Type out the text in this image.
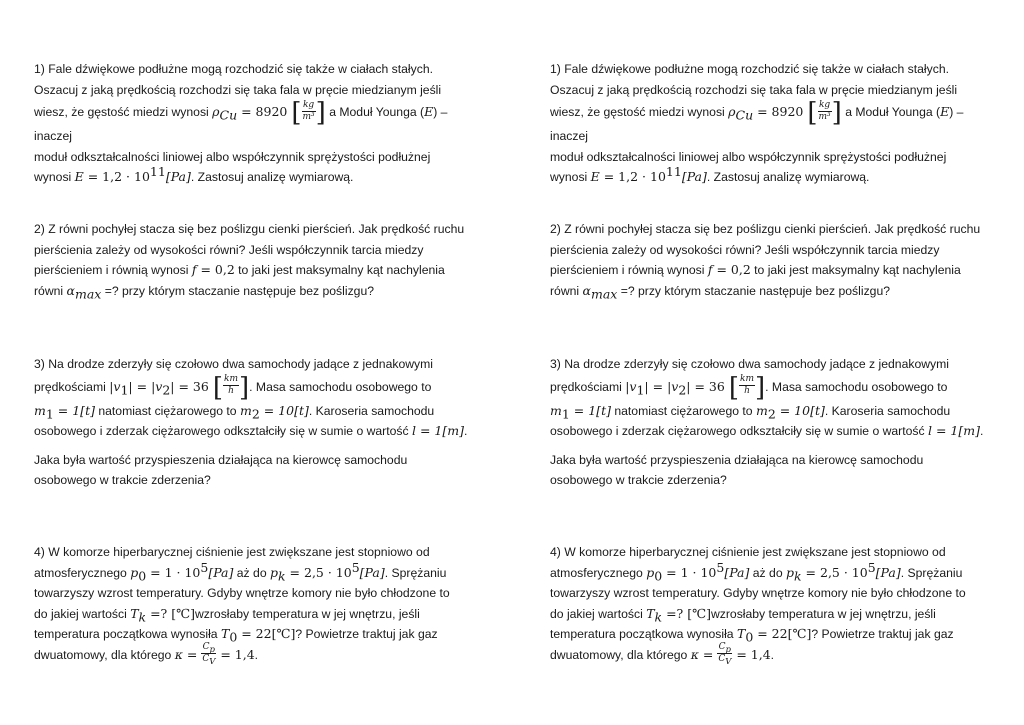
1) Fale dźwiękowe podłużne mogą rozchodzić się także w ciałach stałych.
Oszacuj z jaką prędkością rozchodzi się taka fala w pręcie miedzianym jeśli
wiesz, że gęstość miedzi wynosi $\rho_{Cu} = 8920$ [ $\frac{kg}{\text{m³}}$ ] a Moduł Younga (E) – inaczej
moduł odkształcalności liniowej albo współczynnik sprężystości podłużnej
wynosi $E = 1,2 \cdot 10^{11}[Pa]$. Zastosuj analizę wymiarową.
2) Z równi pochyłej stacza się bez poślizgu cienki pierścień. Jak prędkość ruchu
pierścienia zależy od wysokości równi? Jeśli współczynnik tarcia miedzy
pierścieniem i równią wynosi f = 0,2 to jaki jest maksymalny kąt nachylenia
równi $\alpha_{max}$ =? przy którym staczanie następuje bez poślizgu?
3) Na drodze zderzyły się czołowo dwa samochody jadące z jednakowymi
prędkościami $|v_1| = |v_2| = 36$ [ $\frac{km}{h}$ ]. Masa samochodu osobowego to
$m_1 = 1[t]$ natomiast ciężarowego to $m_2 = 10[t]$. Karoseria samochodu
osobowego i zderzak ciężarowego odkształciły się w sumie o wartość l = 1[m].
Jaka była wartość przyspieszenia działająca na kierowcę samochodu
osobowego w trakcie zderzenia?
4) W komorze hiperbarycznej ciśnienie jest zwiększane jest stopniowo od
atmosferycznego $p_0 = 1 \cdot 10^5[Pa]$ aż do $p_k = 2,5 \cdot 10^5[Pa]$. Sprężaniu
towarzyszy wzrost temperatury. Gdyby wnętrze komory nie było chłodzone to
do jakiej wartości $T_k$ =? [℃]wzrosłaby temperatura w jej wnętrzu, jeśli
temperatura początkowa wynosiła $T_0$ = 22[℃]? Powietrze traktuj jak gaz
dwuatomowy, dla którego $\kappa = \frac{C_p}{C_V} = 1,4$.
1) Fale dźwiękowe podłużne mogą rozchodzić się także w ciałach stałych.
Oszacuj z jaką prędkością rozchodzi się taka fala w pręcie miedzianym jeśli
wiesz, że gęstość miedzi wynosi $\rho_{Cu} = 8920$ [ $\frac{kg}{\text{m³}}$ ] a Moduł Younga (E) – inaczej
moduł odkształcalności liniowej albo współczynnik sprężystości podłużnej
wynosi $E = 1,2 \cdot 10^{11}[Pa]$. Zastosuj analizę wymiarową.
2) Z równi pochyłej stacza się bez poślizgu cienki pierścień. Jak prędkość ruchu
pierścienia zależy od wysokości równi? Jeśli współczynnik tarcia miedzy
pierścieniem i równią wynosi f = 0,2 to jaki jest maksymalny kąt nachylenia
równi $\alpha_{max}$ =? przy którym staczanie następuje bez poślizgu?
3) Na drodze zderzyły się czołowo dwa samochody jadące z jednakowymi
prędkościami $|v_1| = |v_2| = 36$ [ $\frac{km}{h}$ ]. Masa samochodu osobowego to
$m_1 = 1[t]$ natomiast ciężarowego to $m_2 = 10[t]$. Karoseria samochodu
osobowego i zderzak ciężarowego odkształciły się w sumie o wartość l = 1[m].
Jaka była wartość przyspieszenia działająca na kierowcę samochodu
osobowego w trakcie zderzenia?
4) W komorze hiperbarycznej ciśnienie jest zwiększane jest stopniowo od
atmosferycznego $p_0 = 1 \cdot 10^5[Pa]$ aż do $p_k = 2,5 \cdot 10^5[Pa]$. Sprężaniu
towarzyszy wzrost temperatury. Gdyby wnętrze komory nie było chłodzone to
do jakiej wartości $T_k$ =? [℃]wzrosłaby temperatura w jej wnętrzu, jeśli
temperatura początkowa wynosiła $T_0$ = 22[℃]? Powietrze traktuj jak gaz
dwuatomowy, dla którego $\kappa = \frac{C_p}{C_V} = 1,4$.
